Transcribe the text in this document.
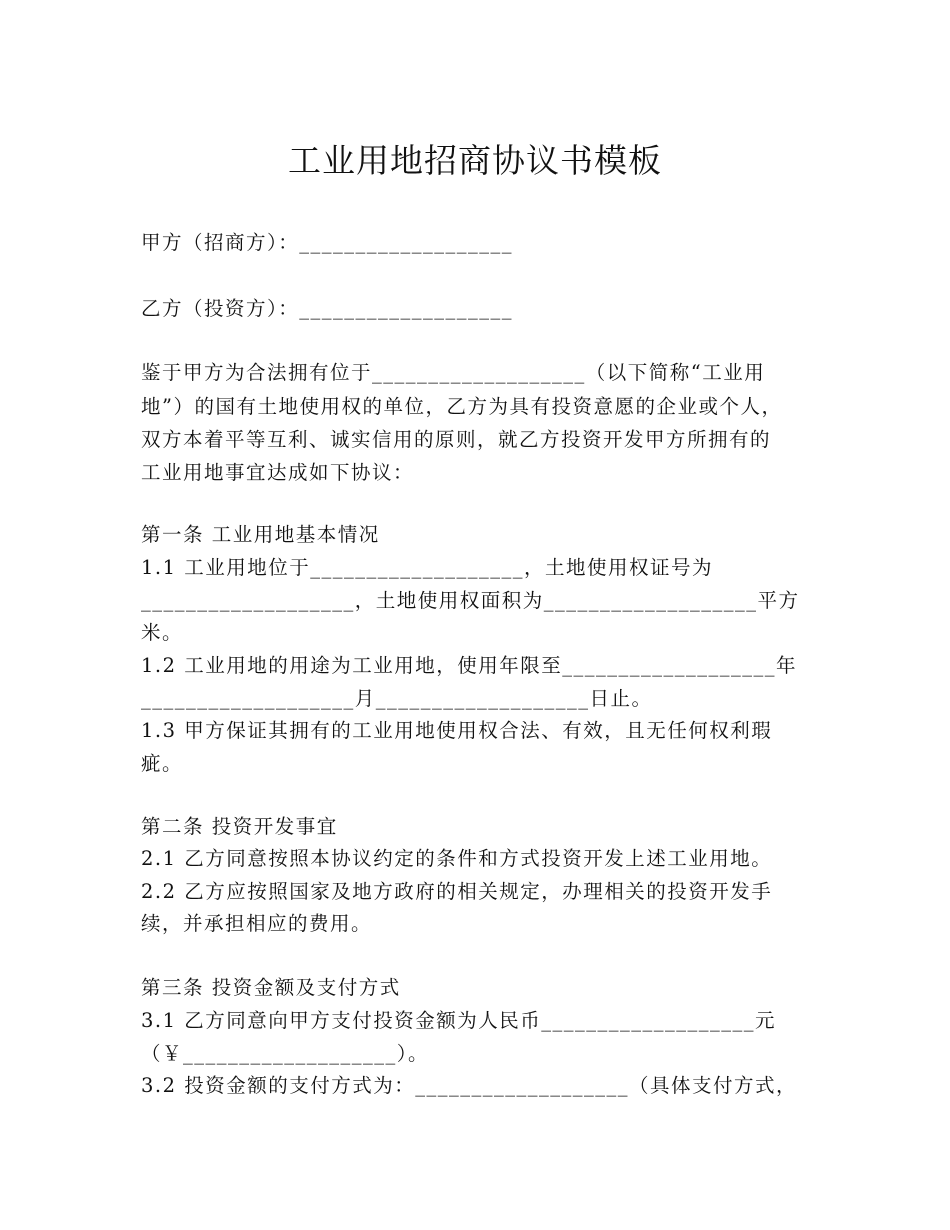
工业用地招商协议书模板
甲方（招商方）：___________________
乙方（投资方）：___________________
鉴于甲方为合法拥有位于___________________（以下简称“工业用
地”）的国有土地使用权的单位，乙方为具有投资意愿的企业或个人，
双方本着平等互利、诚实信用的原则，就乙方投资开发甲方所拥有的
工业用地事宜达成如下协议：
第一条 工业用地基本情况
1.1 工业用地位于___________________，土地使用权证号为
___________________，土地使用权面积为___________________平方
米。
1.2 工业用地的用途为工业用地，使用年限至___________________年
___________________月___________________日止。
1.3 甲方保证其拥有的工业用地使用权合法、有效，且无任何权利瑕
疵。
第二条 投资开发事宜
2.1 乙方同意按照本协议约定的条件和方式投资开发上述工业用地。
2.2 乙方应按照国家及地方政府的相关规定，办理相关的投资开发手
续，并承担相应的费用。
第三条 投资金额及支付方式
3.1 乙方同意向甲方支付投资金额为人民币___________________元
（￥___________________）。
3.2 投资金额的支付方式为：___________________（具体支付方式，
